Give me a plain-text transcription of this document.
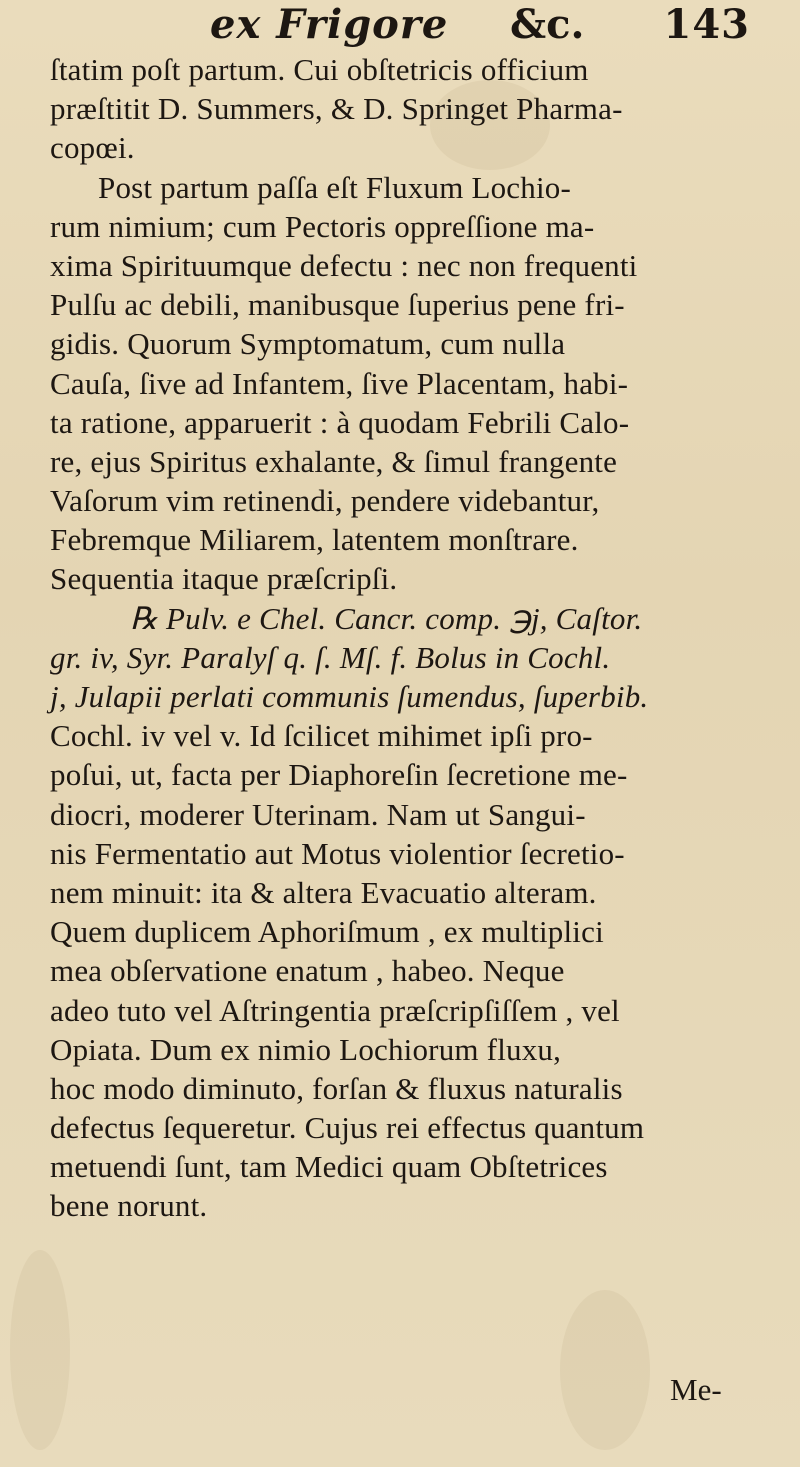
ex Frigore &c. 143
ſtatim poſt partum. Cui obſtetricis officium
præſtitit D. Summers, & D. Springet Pharma-
copœi.
Post partum paſſa eſt Fluxum Lochio-
rum nimium; cum Pectoris oppreſſione ma-
xima Spirituumque defectu : nec non frequenti
Pulſu ac debili, manibusque ſuperius pene fri-
gidis. Quorum Symptomatum, cum nulla
Cauſa, ſive ad Infantem, ſive Placentam, habi-
ta ratione, apparuerit : à quodam Febrili Calo-
re, ejus Spiritus exhalante, & ſimul frangente
Vaſorum vim retinendi, pendere videbantur,
Febremque Miliarem, latentem monſtrare.
Sequentia itaque præſcripſi.
℞ Pulv. e Chel. Cancr. comp. ℈j, Caſtor.
gr. iv, Syr. Paralyſ q. ſ. Mſ. f. Bolus in Cochl.
j, Julapii perlati communis ſumendus, ſuperbib.
Cochl. iv vel v. Id ſcilicet mihimet ipſi pro-
poſui, ut, facta per Diaphoreſin ſecretione me-
diocri, moderer Uterinam. Nam ut Sangui-
nis Fermentatio aut Motus violentior ſecretio-
nem minuit: ita & altera Evacuatio alteram.
Quem duplicem Aphoriſmum , ex multiplici
mea obſervatione enatum , habeo. Neque
adeo tuto vel Aſtringentia præſcripſiſſem , vel
Opiata. Dum ex nimio Lochiorum fluxu,
hoc modo diminuto, forſan & fluxus naturalis
defectus ſequeretur. Cujus rei effectus quantum
metuendi ſunt, tam Medici quam Obſtetrices
bene norunt.
Me-
